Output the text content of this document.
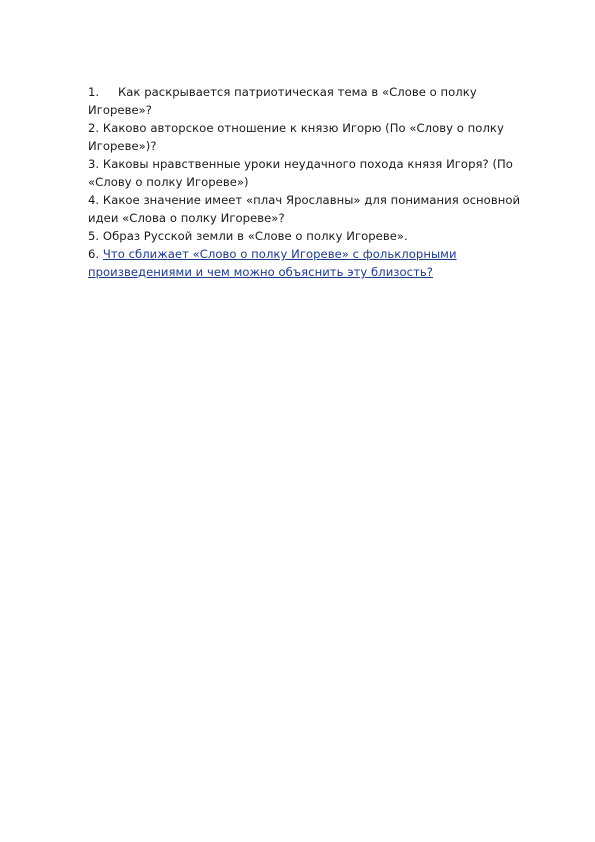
1. Как раскрывается патриотическая тема в «Слове о полку Игореве»?

2. Каково авторское отношение к князю Игорю (По «Слову о полку Игореве»)?

3. Каковы нравственные уроки неудачного похода князя Игоря? (По «Слову о полку Игореве»)

4. Какое значение имеет «плач Ярославны» для понимания основной идеи «Слова о полку Игореве»?

5. Образ Русской земли в «Слове о полку Игореве».

6. Что сближает «Слово о полку Игореве» с фольклорными произведениями и чем можно объяснить эту близость?
